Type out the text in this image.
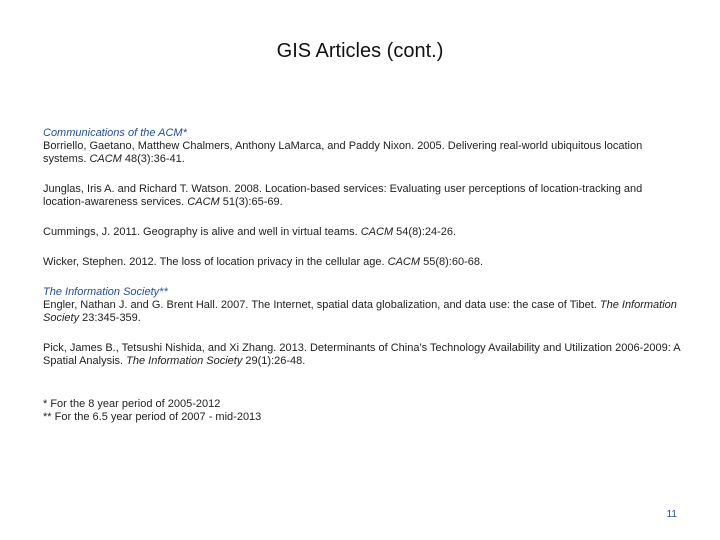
GIS Articles (cont.)
Communications of the ACM*
Borriello, Gaetano, Matthew Chalmers, Anthony LaMarca, and Paddy Nixon. 2005. Delivering real-world ubiquitous location systems. CACM 48(3):36-41.
Junglas, Iris A. and Richard T. Watson. 2008. Location-based services: Evaluating user perceptions of location-tracking and location-awareness services. CACM 51(3):65-69.
Cummings, J. 2011. Geography is alive and well in virtual teams. CACM 54(8):24-26.
Wicker, Stephen. 2012. The loss of location privacy in the cellular age. CACM 55(8):60-68.
The Information Society**
Engler, Nathan J. and G. Brent Hall. 2007. The Internet, spatial data globalization, and data use: the case of Tibet. The Information Society 23:345-359.
Pick, James B., Tetsushi Nishida, and Xi Zhang. 2013. Determinants of China’s Technology Availability and Utilization 2006-2009: A Spatial Analysis. The Information Society 29(1):26-48.
* For the 8 year period of 2005-2012
** For the 6.5 year period of 2007 - mid-2013
11
